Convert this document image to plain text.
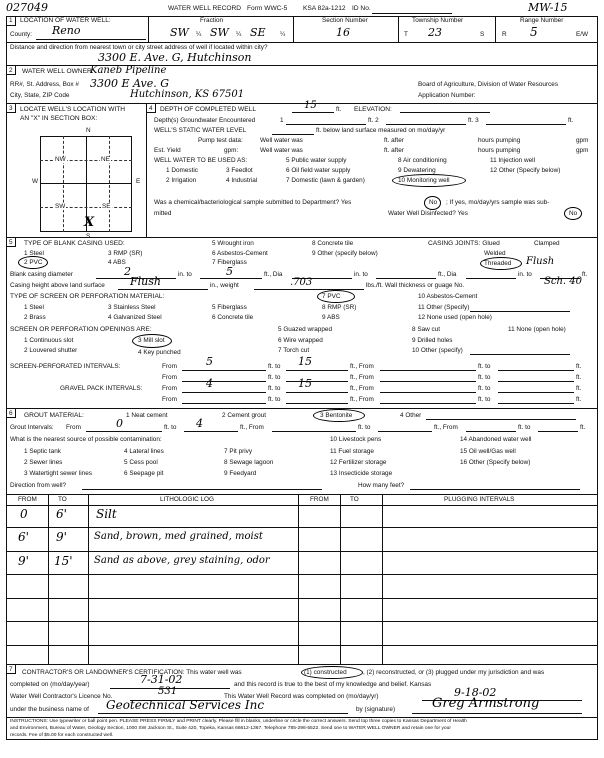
027049	WATER WELL RECORD Form WWC-5 KSA 82a-1212 ID No.	MW-15
1 LOCATION OF WATER WELL:
County: Reno
Fraction
SW ¼ SW ¼ SE ¼
Section Number
16
Township Number
T 23	S
Range Number
R 5	E/W
Distance and direction from nearest town or city street address of well if located within city?
3300 E. Ave. G, Hutchinson
2 WATER WELL OWNER:
Kaneb Pipeline
RR#, St. Address, Box # 3300 E Ave. G
City, State, ZIP Code	Hutchinson, KS 67501
Board of Agriculture, Division of Water Resources
Application Number:
3 LOCATE WELL'S LOCATION WITH
AN "X" IN SECTION BOX:
N
W	E
NW	NE
SW	SE
X
4 DEPTH OF COMPLETED WELL	15	ft. ELEVATION:
Depth(s) Groundwater Encountered	1	ft. 2	ft. 3	ft.
WELL'S STATIC WATER LEVEL	ft. below land surface measured on mo/day/yr
Pump test data:	Well water was	ft. after	hours pumping	gpm
Est. Yield	gpm:	Well water was	ft. after	hours pumping	gpm
WELL WATER TO BE USED AS:
1 Domestic	3 Feedlot
5 Public water supply	8 Air conditioning	11 Injection well
2 Irrigation	4 Industrial
6 Oil field water supply	9 Dewatering	12 Other (Specify below)
7 Domestic (lawn & garden)	10 Monitoring well
Was a chemical/bacteriological sample submitted to Department? Yes	No ; If yes, mo/day/yrs sample was sub-
mitted	Water Well Disinfected? Yes	No
5 TYPE OF BLANK CASING USED:
1 Steel	3 RMP (SR)
5 Wrought iron	8 Concrete tile
2 PVC	4 ABS
6 Asbestos-Cement	9 Other (specify below)
7 Fiberglass
CASING JOINTS: Glued	Clamped
Welded
Threaded Flush
Blank casing diameter	2	in. to	5	ft., Dia	in. to	ft., Dia	in. to	ft.
Casing height above land surface Flush	in., weight	.703	lbs./ft. Wall thickness or guage No.	Sch. 40
TYPE OF SCREEN OR PERFORATION MATERIAL:
1 Steel	3 Stainless Steel	5 Fiberglass
7 PVC	10 Asbestos-Cement
2 Brass	4 Galvanized Steel	6 Concrete tile
8 RMP (SR)	11 Other (Specify)
9 ABS	12 None used (open hole)
SCREEN OR PERFORATION OPENINGS ARE:	5 Guazed wrapped	8 Saw cut	11 None (open hole)
1 Continuous slot	3 Mill slot	6 Wire wrapped	9 Drilled holes
2 Louvered shutter	4 Key punched	7 Torch cut	10 Other (specify)
SCREEN-PERFORATED INTERVALS:	From	5	ft. to 15	ft., From	ft. to	ft.
From	ft. to	ft., From	ft. to	ft.
GRAVEL PACK INTERVALS:	From	4	ft. to 15	ft., From	ft. to	ft.
From	ft. to	ft., From	ft. to	ft.
6 GROUT MATERIAL:	1 Neat cement	2 Cement grout	3 Bentonite	4 Other
Grout Intervals: From	0	ft. to 4	ft., From	ft. to	ft., From	ft. to	ft.
What is the nearest source of possible contamination:
1 Septic tank	4 Lateral lines	7 Pit privy
10 Livestock pens	14 Abandoned water well
2 Sewer lines	5 Cess pool	8 Sewage lagoon
11 Fuel storage	15 Oil well/Gas well
3 Watertight sewer lines	6 Seepage pit	9 Feedyard
12 Fertilizer storage	16 Other (Specify below)
13 Insecticide storage
Direction from well?	How many feet?
FROM	TO	LITHOLOGIC LOG	FROM	TO	PLUGGING INTERVALS
0 6' Silt
6' 9'	Sand, brown, med grained, moist
9' 15' Sand as above, grey staining, odor
7 CONTRACTOR'S OR LANDOWNER'S CERTIFICATION: This water well was	(1) constructed	, (2) reconstructed, or (3) plugged under my jurisdiction and was
completed on (mo/day/year)	7-31-02	and this record is true to the best of my knowledge and belief. Kansas
Water Well Contractor's Licence No.	531	This Water Well Record was completed on (mo/day/yr)	9-18-02
under the business name of Geotechnical Services Inc	by (signature)	Greg Armstrong
INSTRUCTIONS: Use typewriter or ball point pen. PLEASE PRESS FIRMLY and PRINT clearly. Please fill in blanks, underline or circle the correct answers. Send top three copies to Kansas Department of Health
and Environment, Bureau of Water, Geology Section, 1000 SW Jackson St., Suite 420, Topeka, Kansas 66612-1367. Telephone 785-296-5522. Send one to WATER WELL OWNER and retain one for your
records. Fee of $5.00 for each constructed well.
